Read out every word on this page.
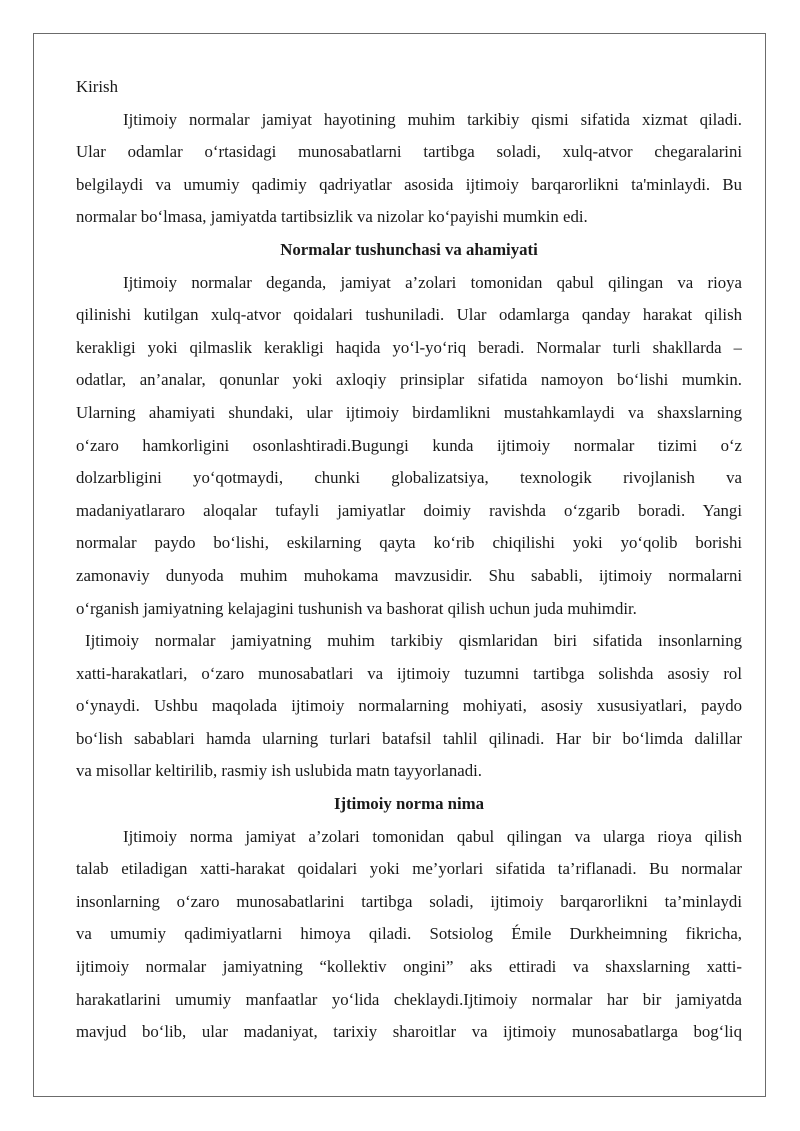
Kirish
Ijtimoiy normalar jamiyat hayotining muhim tarkibiy qismi sifatida xizmat qiladi.
Ular odamlar o‘rtasidagi munosabatlarni tartibga soladi, xulq-atvor chegaralarini
belgilaydi va umumiy qadimiy qadriyatlar asosida ijtimoiy barqarorlikni ta'minlaydi. Bu
normalar bo‘lmasa, jamiyatda tartibsizlik va nizolar ko‘payishi mumkin edi.
Normalar tushunchasi va ahamiyati
Ijtimoiy normalar deganda, jamiyat a’zolari tomonidan qabul qilingan va rioya
qilinishi kutilgan xulq-atvor qoidalari tushuniladi. Ular odamlarga qanday harakat qilish
kerakligi yoki qilmaslik kerakligi haqida yo‘l-yo‘riq beradi. Normalar turli shakllarda –
odatlar, an’analar, qonunlar yoki axloqiy prinsiplar sifatida namoyon bo‘lishi mumkin.
Ularning ahamiyati shundaki, ular ijtimoiy birdamlikni mustahkamlaydi va shaxslarning
o‘zaro hamkorligini osonlashtiradi.Bugungi kunda ijtimoiy normalar tizimi o‘z
dolzarbligini yo‘qotmaydi, chunki globalizatsiya, texnologik rivojlanish va
madaniyatlararo aloqalar tufayli jamiyatlar doimiy ravishda o‘zgarib boradi. Yangi
normalar paydo bo‘lishi, eskilarning qayta ko‘rib chiqilishi yoki yo‘qolib borishi
zamonaviy dunyoda muhim muhokama mavzusidir. Shu sababli, ijtimoiy normalarni
o‘rganish jamiyatning kelajagini tushunish va bashorat qilish uchun juda muhimdir.
Ijtimoiy normalar jamiyatning muhim tarkibiy qismlaridan biri sifatida insonlarning
xatti-harakatlari, o‘zaro munosabatlari va ijtimoiy tuzumni tartibga solishda asosiy rol
o‘ynaydi. Ushbu maqolada ijtimoiy normalarning mohiyati, asosiy xususiyatlari, paydo
bo‘lish sabablari hamda ularning turlari batafsil tahlil qilinadi. Har bir bo‘limda dalillar
va misollar keltirilib, rasmiy ish uslubida matn tayyorlanadi.
Ijtimoiy norma nima
Ijtimoiy norma jamiyat a’zolari tomonidan qabul qilingan va ularga rioya qilish
talab etiladigan xatti-harakat qoidalari yoki me’yorlari sifatida ta’riflanadi. Bu normalar
insonlarning o‘zaro munosabatlarini tartibga soladi, ijtimoiy barqarorlikni ta’minlaydi
va umumiy qadimiyatlarni himoya qiladi. Sotsiolog Émile Durkheimning fikricha,
ijtimoiy normalar jamiyatning “kollektiv ongini” aks ettiradi va shaxslarning xatti-
harakatlarini umumiy manfaatlar yo‘lida cheklaydi.Ijtimoiy normalar har bir jamiyatda
mavjud bo‘lib, ular madaniyat, tarixiy sharoitlar va ijtimoiy munosabatlarga bog‘liq
